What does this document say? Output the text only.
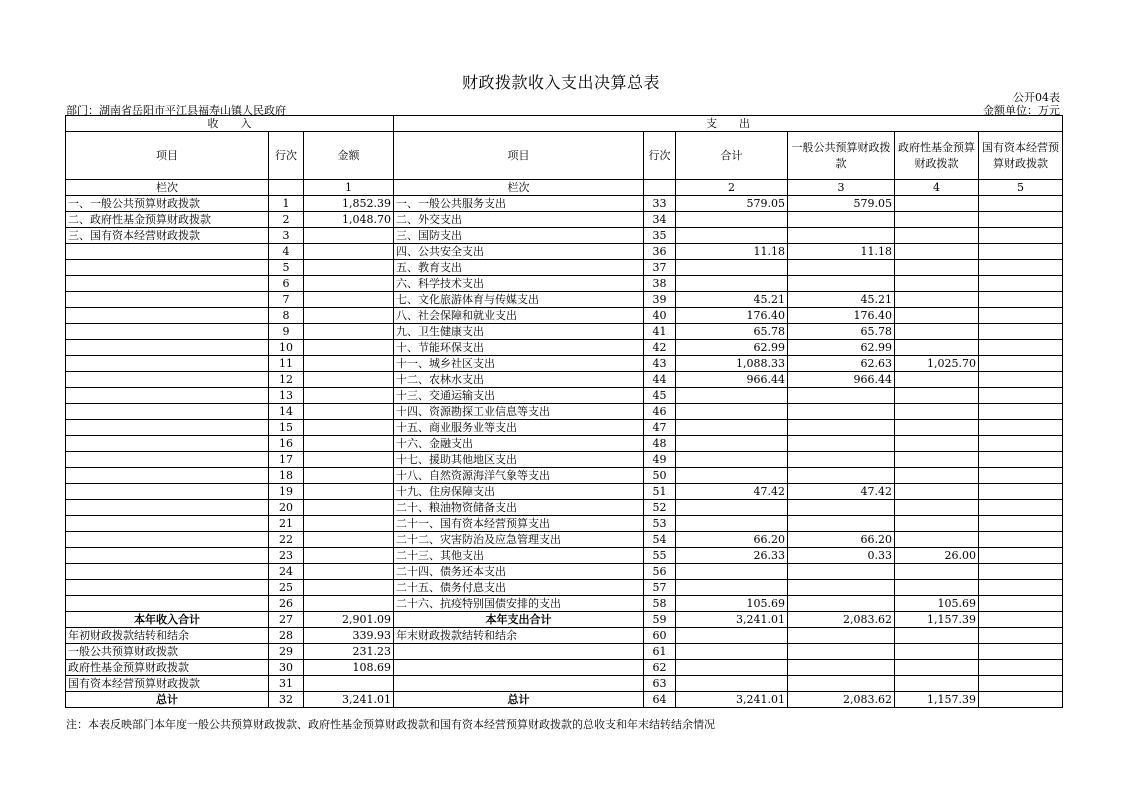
财政拨款收入支出决算总表
公开04表
部门：湖南省岳阳市平江县福寿山镇人民政府	金额单位：万元
收　　入			支　　出					
项目	行次	金额	项目	行次	合计	一般公共预算财政拨款	政府性基金预算财政拨款	国有资本经营预算财政拨款
栏次		1	栏次		2	3	4	5
一、一般公共预算财政拨款	1	1,852.39	一、一般公共服务支出	33	579.05	579.05		
二、政府性基金预算财政拨款	2	1,048.70	二、外交支出	34				
三、国有资本经营财政拨款	3		三、国防支出	35				
	4		四、公共安全支出	36	11.18	11.18		
	5		五、教育支出	37				
	6		六、科学技术支出	38				
	7		七、文化旅游体育与传媒支出	39	45.21	45.21		
	8		八、社会保障和就业支出	40	176.40	176.40		
	9		九、卫生健康支出	41	65.78	65.78		
	10		十、节能环保支出	42	62.99	62.99		
	11		十一、城乡社区支出	43	1,088.33	62.63	1,025.70	
	12		十二、农林水支出	44	966.44	966.44		
	13		十三、交通运输支出	45				
	14		十四、资源勘探工业信息等支出	46				
	15		十五、商业服务业等支出	47				
	16		十六、金融支出	48				
	17		十七、援助其他地区支出	49				
	18		十八、自然资源海洋气象等支出	50				
	19		十九、住房保障支出	51	47.42	47.42		
	20		二十、粮油物资储备支出	52				
	21		二十一、国有资本经营预算支出	53				
	22		二十二、灾害防治及应急管理支出	54	66.20	66.20		
	23		二十三、其他支出	55	26.33	0.33	26.00	
	24		二十四、债务还本支出	56				
	25		二十五、债务付息支出	57				
	26		二十六、抗疫特别国债安排的支出	58	105.69		105.69	
本年收入合计	27	2,901.09	本年支出合计	59	3,241.01	2,083.62	1,157.39	
年初财政拨款结转和结余	28	339.93	年末财政拨款结转和结余	60				
一般公共预算财政拨款	29	231.23		61				
政府性基金预算财政拨款	30	108.69		62				
国有资本经营预算财政拨款	31			63				
总计	32	3,241.01	总计	64	3,241.01	2,083.62	1,157.39	
注：本表反映部门本年度一般公共预算财政拨款、政府性基金预算财政拨款和国有资本经营预算财政拨款的总收支和年末结转结余情况
